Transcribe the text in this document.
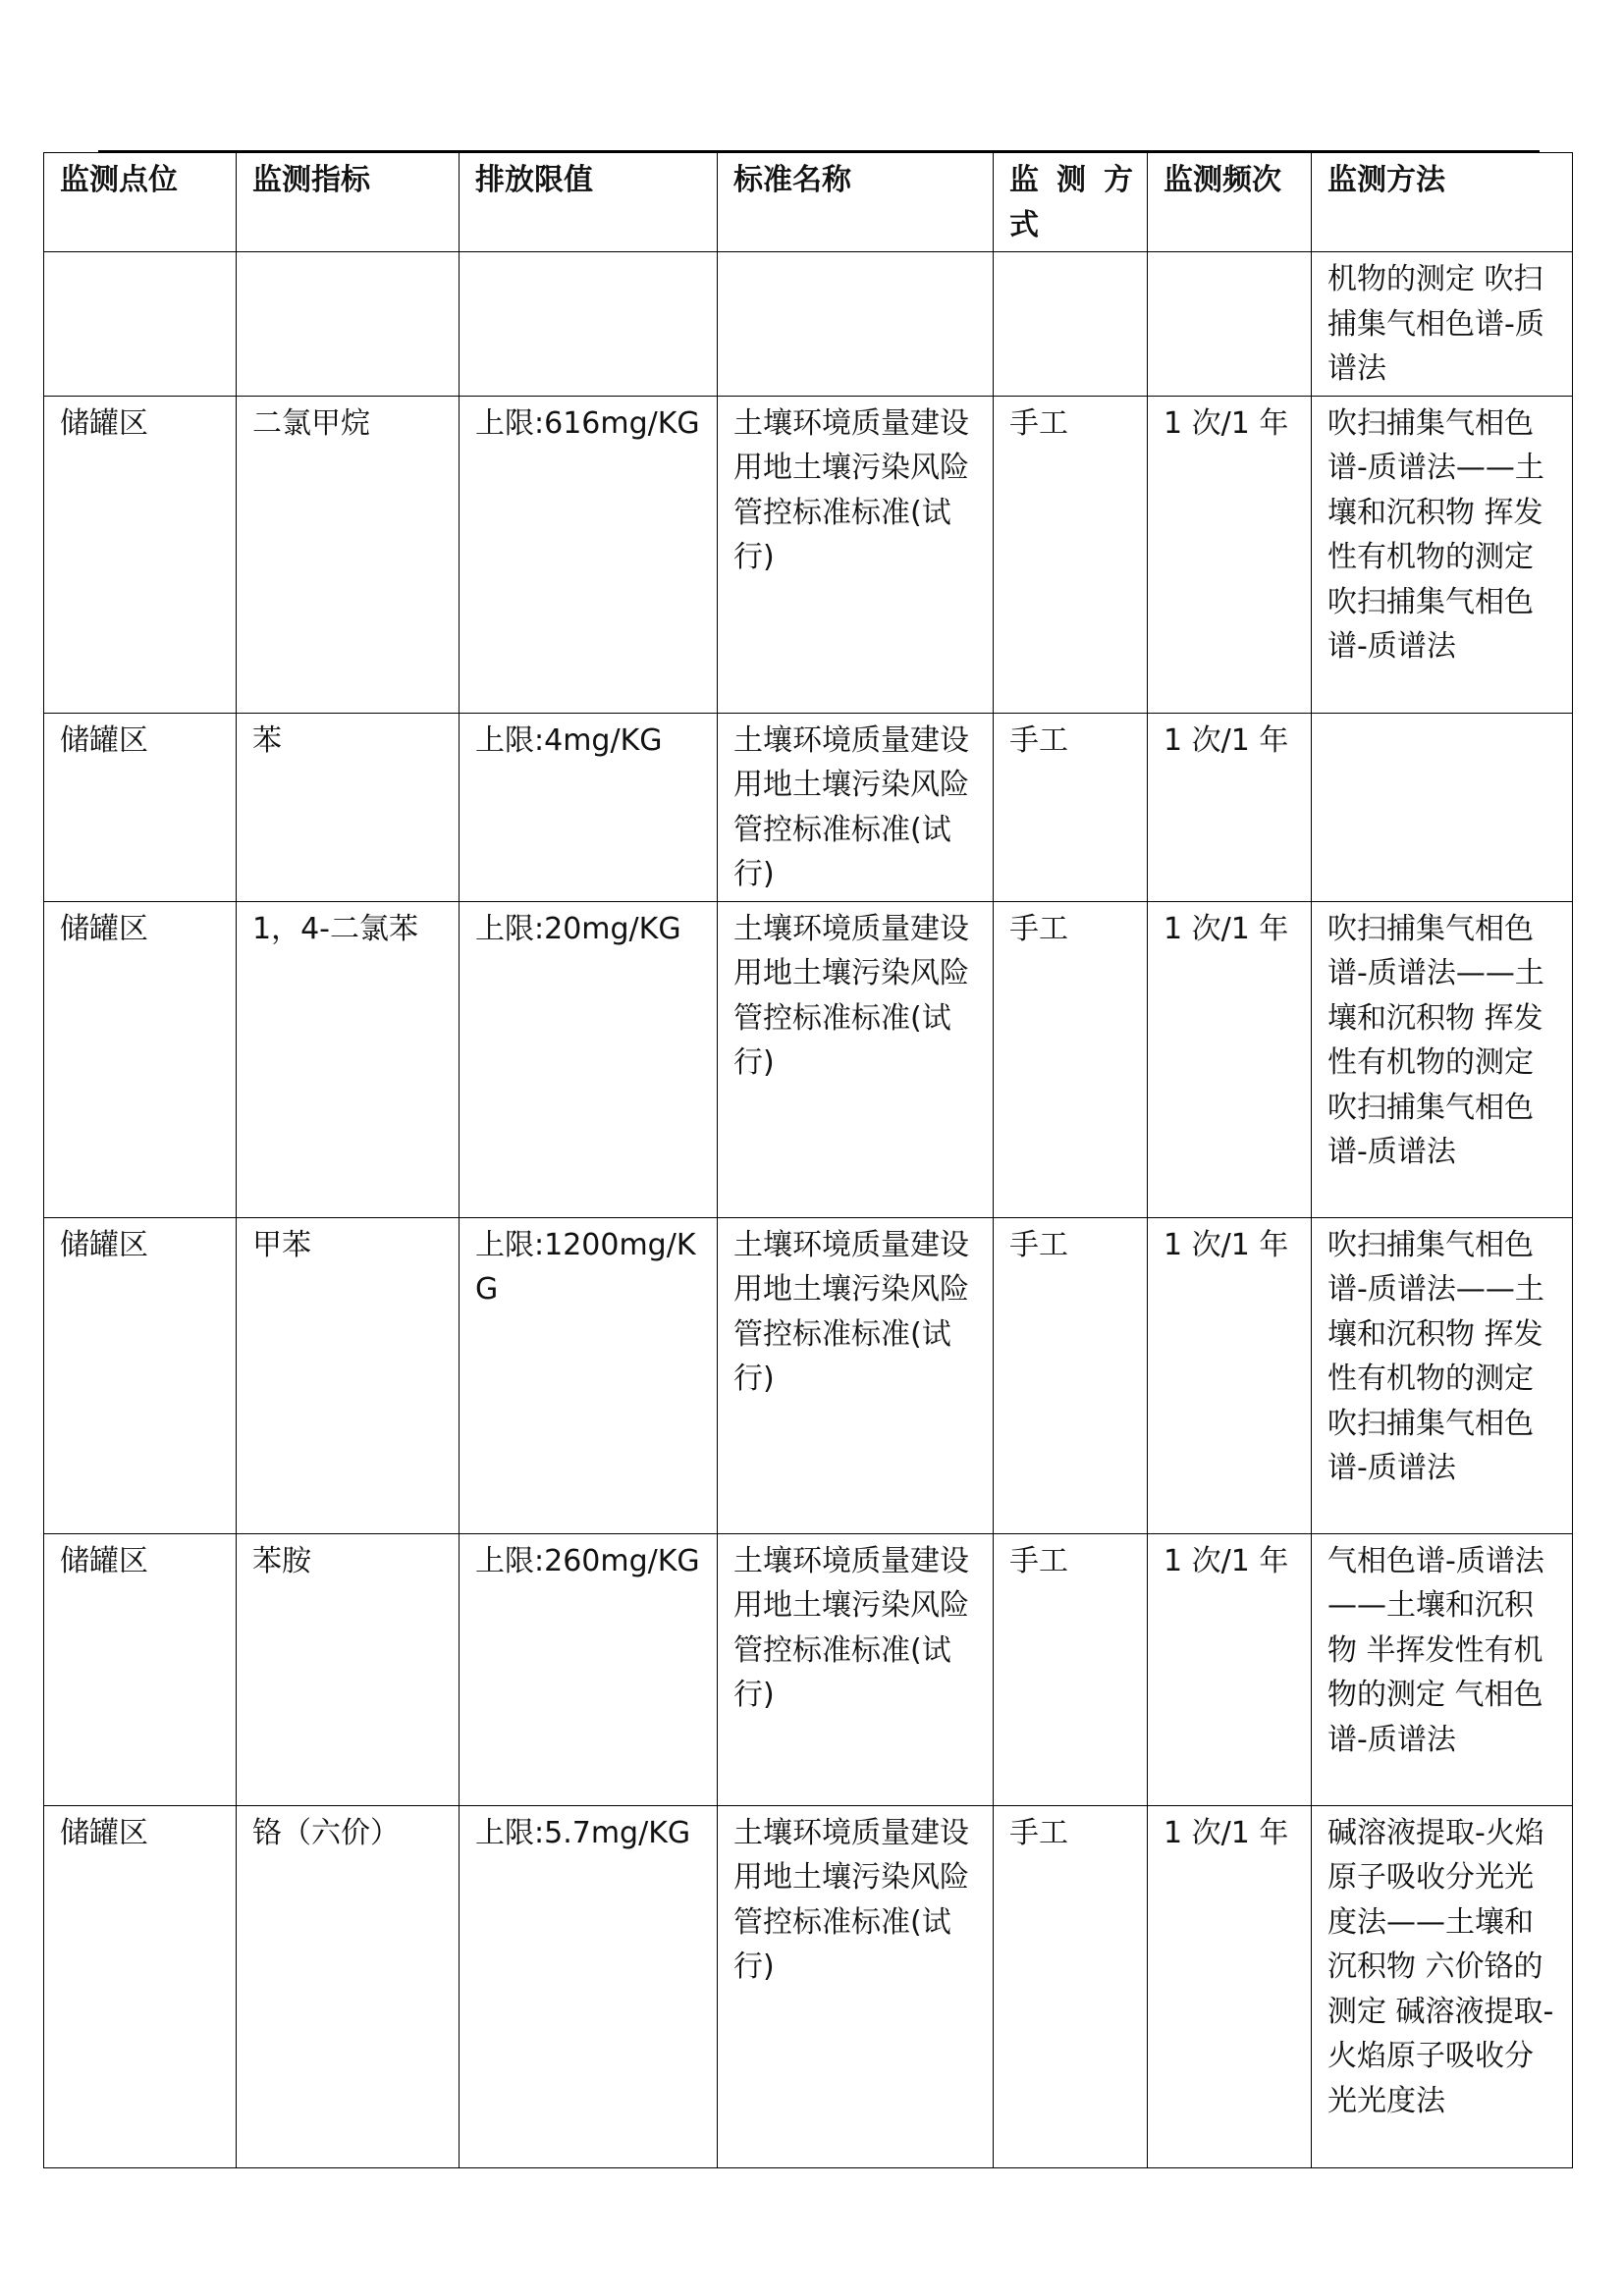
监测点位	监测指标	排放限值	标准名称	监 测 方 式	监测频次	监测方法
						机物的测定 吹扫捕集气相色谱-质谱法
储罐区	二氯甲烷	上限:616mg/KG	土壤环境质量建设用地土壤污染风险管控标准标准(试行)	手工	1 次/1 年	吹扫捕集气相色谱-质谱法——土壤和沉积物 挥发性有机物的测定 吹扫捕集气相色谱-质谱法
储罐区	苯	上限:4mg/KG	土壤环境质量建设用地土壤污染风险管控标准标准(试行)	手工	1 次/1 年	
储罐区	1，4-二氯苯	上限:20mg/KG	土壤环境质量建设用地土壤污染风险管控标准标准(试行)	手工	1 次/1 年	吹扫捕集气相色谱-质谱法——土壤和沉积物 挥发性有机物的测定 吹扫捕集气相色谱-质谱法
储罐区	甲苯	上限:1200mg/KG	土壤环境质量建设用地土壤污染风险管控标准标准(试行)	手工	1 次/1 年	吹扫捕集气相色谱-质谱法——土壤和沉积物 挥发性有机物的测定 吹扫捕集气相色谱-质谱法
储罐区	苯胺	上限:260mg/KG	土壤环境质量建设用地土壤污染风险管控标准标准(试行)	手工	1 次/1 年	气相色谱-质谱法——土壤和沉积物 半挥发性有机物的测定 气相色谱-质谱法
储罐区	铬（六价）	上限:5.7mg/KG	土壤环境质量建设用地土壤污染风险管控标准标准(试行)	手工	1 次/1 年	碱溶液提取-火焰原子吸收分光光度法——土壤和沉积物 六价铬的测定 碱溶液提取-火焰原子吸收分光光度法
